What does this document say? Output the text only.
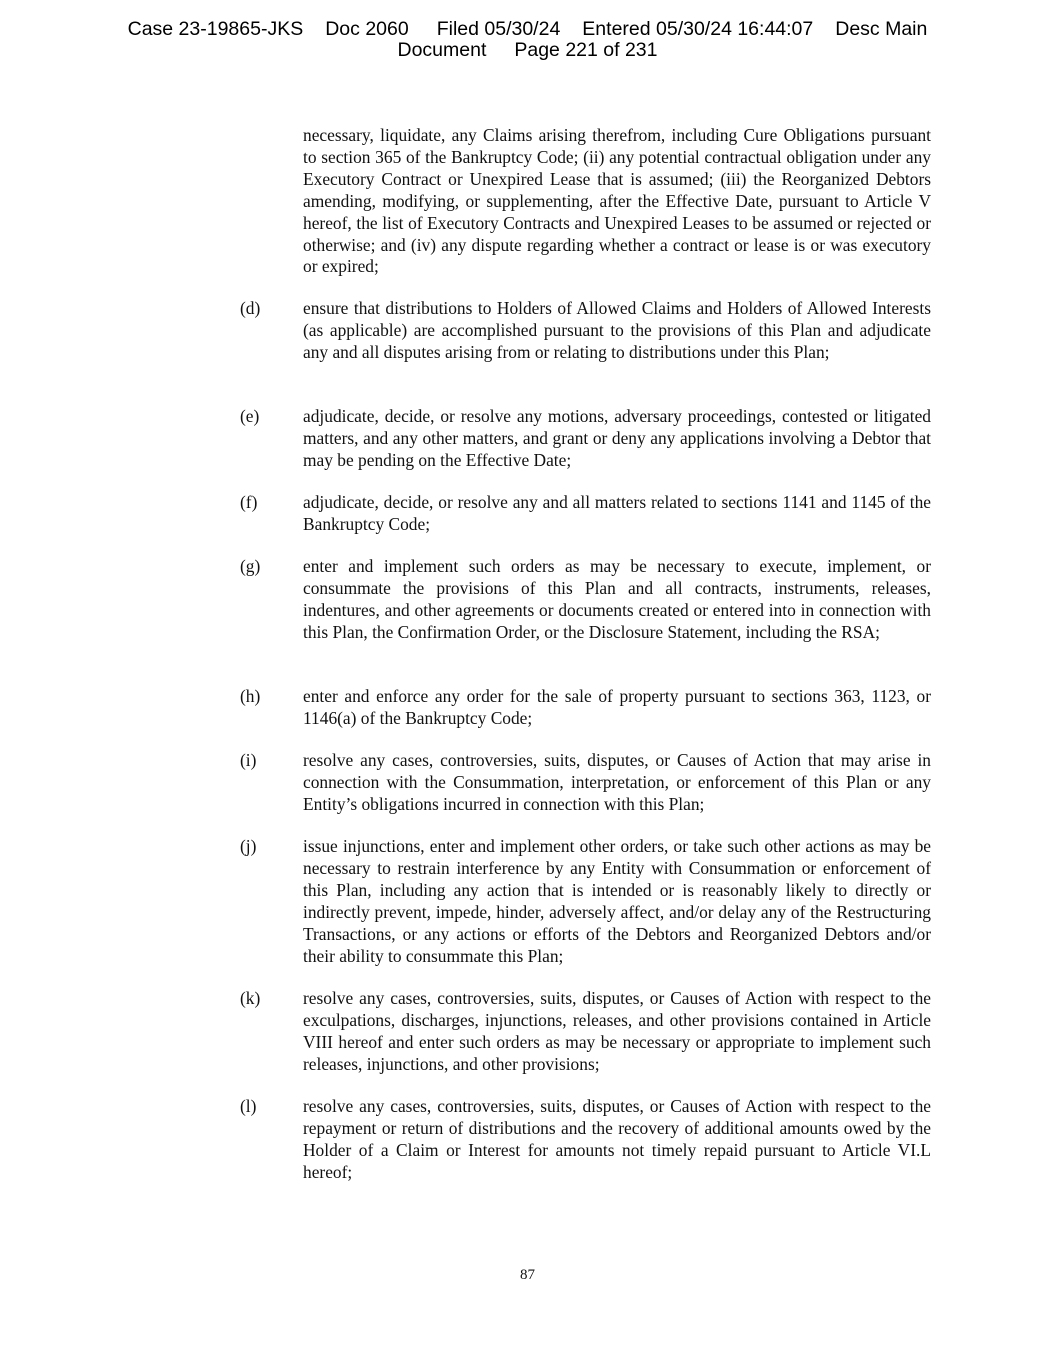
Case 23-19865-JKS Doc 2060 Filed 05/30/24 Entered 05/30/24 16:44:07 Desc Main
Document Page 221 of 231
necessary, liquidate, any Claims arising therefrom, including Cure Obligations pursuant to section 365 of the Bankruptcy Code; (ii) any potential contractual obligation under any Executory Contract or Unexpired Lease that is assumed; (iii) the Reorganized Debtors amending, modifying, or supplementing, after the Effective Date, pursuant to Article V hereof, the list of Executory Contracts and Unexpired Leases to be assumed or rejected or otherwise; and (iv) any dispute regarding whether a contract or lease is or was executory or expired;
(d) ensure that distributions to Holders of Allowed Claims and Holders of Allowed Interests (as applicable) are accomplished pursuant to the provisions of this Plan and adjudicate any and all disputes arising from or relating to distributions under this Plan;
(e)	adjudicate, decide, or resolve any motions, adversary proceedings, contested or litigated matters, and any other matters, and grant or deny any applications involving a Debtor that may be pending on the Effective Date;
(f)	adjudicate, decide, or resolve any and all matters related to sections 1141 and 1145 of the Bankruptcy Code;
(g) enter and implement such orders as may be necessary to execute, implement, or consummate the provisions of this Plan and all contracts, instruments, releases, indentures, and other agreements or documents created or entered into in connection with this Plan, the Confirmation Order, or the Disclosure Statement, including the RSA;
(h) enter and enforce any order for the sale of property pursuant to sections 363, 1123, or 1146(a) of the Bankruptcy Code;
(i)	resolve any cases, controversies, suits, disputes, or Causes of Action that may arise in connection with the Consummation, interpretation, or enforcement of this Plan or any Entity’s obligations incurred in connection with this Plan;
(j)	issue injunctions, enter and implement other orders, or take such other actions as may be necessary to restrain interference by any Entity with Consummation or enforcement of this Plan, including any action that is intended or is reasonably likely to directly or indirectly prevent, impede, hinder, adversely affect, and/or delay any of the Restructuring Transactions, or any actions or efforts of the Debtors and Reorganized Debtors and/or their ability to consummate this Plan;
(k) resolve any cases, controversies, suits, disputes, or Causes of Action with respect to the exculpations, discharges, injunctions, releases, and other provisions contained in Article VIII hereof and enter such orders as may be necessary or appropriate to implement such releases, injunctions, and other provisions;
(l)	resolve any cases, controversies, suits, disputes, or Causes of Action with respect to the repayment or return of distributions and the recovery of additional amounts owed by the Holder of a Claim or Interest for amounts not timely repaid pursuant to Article VI.L hereof;
87
